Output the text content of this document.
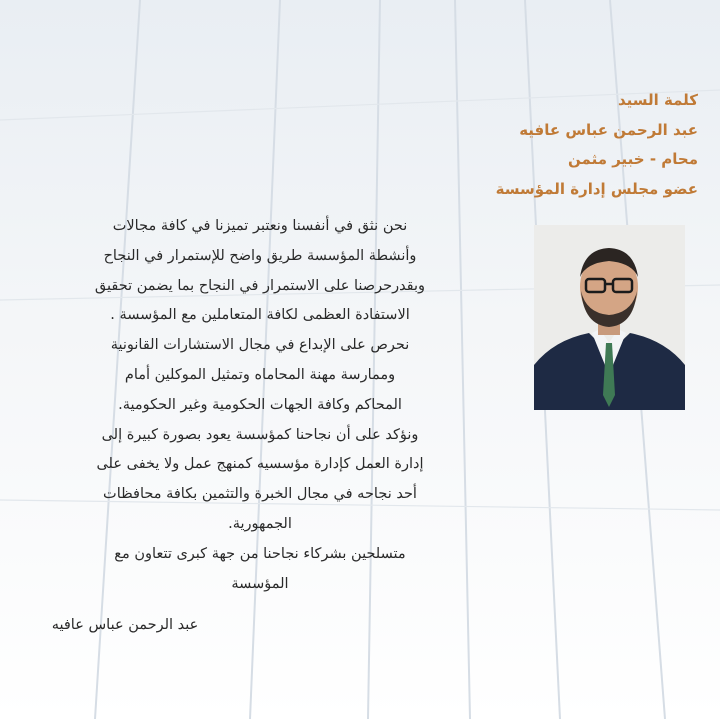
كلمة السيد
عبد الرحمن عباس عافيه
محام - خبير مثمن
عضو مجلس إدارة المؤسسة
نحن نثق في أنفسنا ونعتبر تميزنا في كافة مجالات
وأنشطة المؤسسة طريق واضح للإستمرار في النجاح
وبقدرحرصنا على الاستمرار في النجاح بما يضمن تحقيق
الاستفادة العظمى لكافة المتعاملين مع المؤسسة .
نحرص على الإبداع في مجال الاستشارات القانونية
وممارسة مهنة المحاماه وتمثيل الموكلين أمام
المحاكم وكافة الجهات الحكومية وغير الحكومية.
ونؤكد على أن نجاحنا كمؤسسة يعود بصورة كبيرة إلى
إدارة العمل كإدارة مؤسسيه كمنهج عمل ولا يخفى على
أحد نجاحه في مجال الخبرة والتثمين بكافة محافظات
الجمهورية.
متسلحين بشركاء نجاحنا من جهة كبرى تتعاون مع
المؤسسة
عبد الرحمن عباس عافيه
